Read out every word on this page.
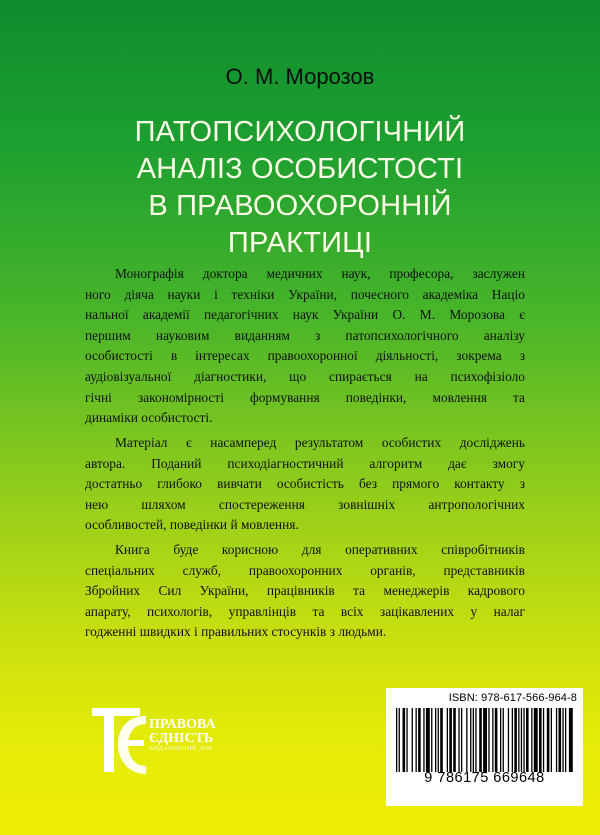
О. М. Морозов
ПАТОПСИХОЛОГІЧНИЙ
АНАЛІЗ ОСОБИСТОСТІ
В ПРАВООХОРОННІЙ
ПРАКТИЦІ
Монографія доктора медичних наук, професора, заслужен
ного діяча науки і техніки України, почесного академіка Націо
нальної академії педагогічних наук України О. М. Морозова є
першим науковим виданням з патопсихологічного аналізу
особистості в інтересах правоохоронної діяльності, зокрема з
аудіовізуальної діагностики, що спирається на психофізіоло
гічні закономірності формування поведінки, мовлення та
динаміки особистості.
Матеріал є насамперед результатом особистих досліджень
автора. Поданий психодіагностичний алгоритм дає змогу
достатньо глибоко вивчати особистість без прямого контакту з
нею шляхом спостереження зовнішніх антропологічних
особливостей, поведінки й мовлення.
Книга буде корисною для оперативних співробітників
спеціальних служб, правоохоронних органів, представників
Збройних Сил України, працівників та менеджерів кадрового
апарату, психологів, управлінців та всіх зацікавлених у налаг
годженні швидких і правильних стосунків з людьми.
ПРАВОВА
ЄДНІСТЬ
ВИДАВНИЧИЙ ДІМ
ISBN: 978-617-566-964-8
9 786175 669648
